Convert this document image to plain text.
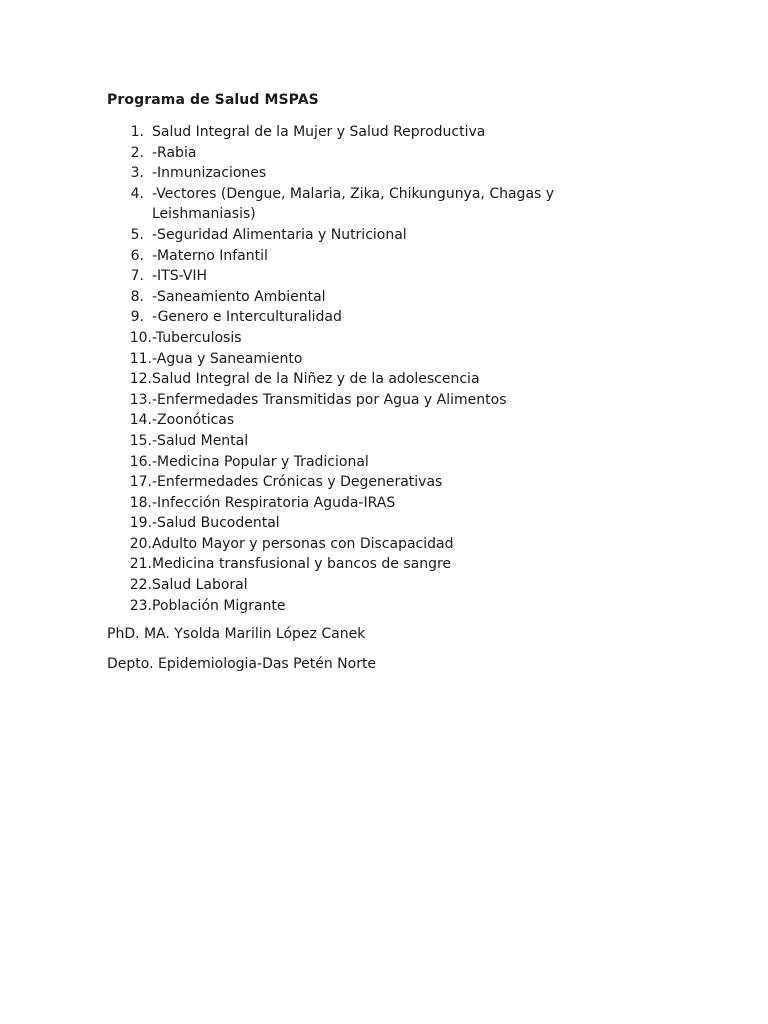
Programa de Salud MSPAS
1. Salud Integral de la Mujer y Salud Reproductiva
2. -Rabia
3. -Inmunizaciones
4. -Vectores (Dengue, Malaria, Zika, Chikungunya, Chagas y Leishmaniasis)
5. -Seguridad Alimentaria y Nutricional
6. -Materno Infantil
7. -ITS-VIH
8. -Saneamiento Ambiental
9. -Genero e Interculturalidad
10. -Tuberculosis
11. -Agua y Saneamiento
12. Salud Integral de la Niñez y de la adolescencia
13. -Enfermedades Transmitidas por Agua y Alimentos
14. -Zoonóticas
15. -Salud Mental
16. -Medicina Popular y Tradicional
17. -Enfermedades Crónicas y Degenerativas
18. -Infección Respiratoria Aguda-IRAS
19. -Salud Bucodental
20. Adulto Mayor y personas con Discapacidad
21. Medicina transfusional y bancos de sangre
22. Salud Laboral
23. Población Migrante
PhD. MA. Ysolda Marilin López Canek
Depto. Epidemiologia-Das Petén Norte
